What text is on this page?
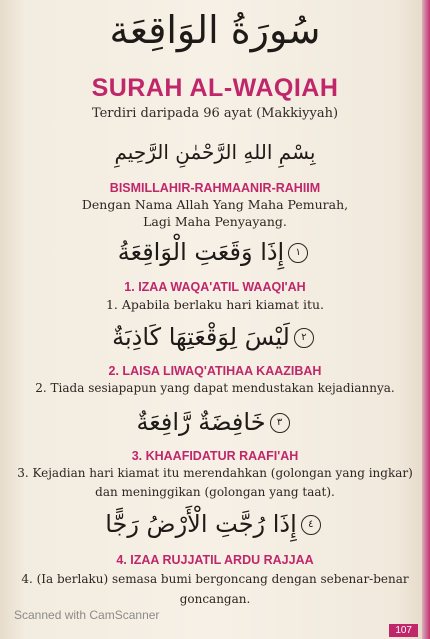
سُورَةُ الوَاقِعَة
SURAH AL-WAQIAH
Terdiri daripada 96 ayat (Makkiyyah)
بِسْمِ اللهِ الرَّحْمٰنِ الرَّحِيمِ
BISMILLAHIR-RAHMAANIR-RAHIIM
Dengan Nama Allah Yang Maha Pemurah,
Lagi Maha Penyayang.
إِذَا وَقَعَتِ الْوَاقِعَةُ ١
1. IZAA WAQA'ATIL WAAQI'AH
1. Apabila berlaku hari kiamat itu.
لَيْسَ لِوَقْعَتِهَا كَاذِبَةٌ ٢
2. LAISA LIWAQ'ATIHAA KAAZIBAH
2. Tiada sesiapapun yang dapat mendustakan kejadiannya.
خَافِضَةٌ رَّافِعَةٌ ٣
3. KHAAFIDATUR RAAFI'AH
3. Kejadian hari kiamat itu merendahkan (golongan yang ingkar)
dan meninggikan (golongan yang taat).
إِذَا رُجَّتِ الْأَرْضُ رَجًّا ٤
4. IZAA RUJJATIL ARDU RAJJAA
4. (Ia berlaku) semasa bumi bergoncang dengan sebenar-benar
goncangan.
Scanned with CamScanner
107
